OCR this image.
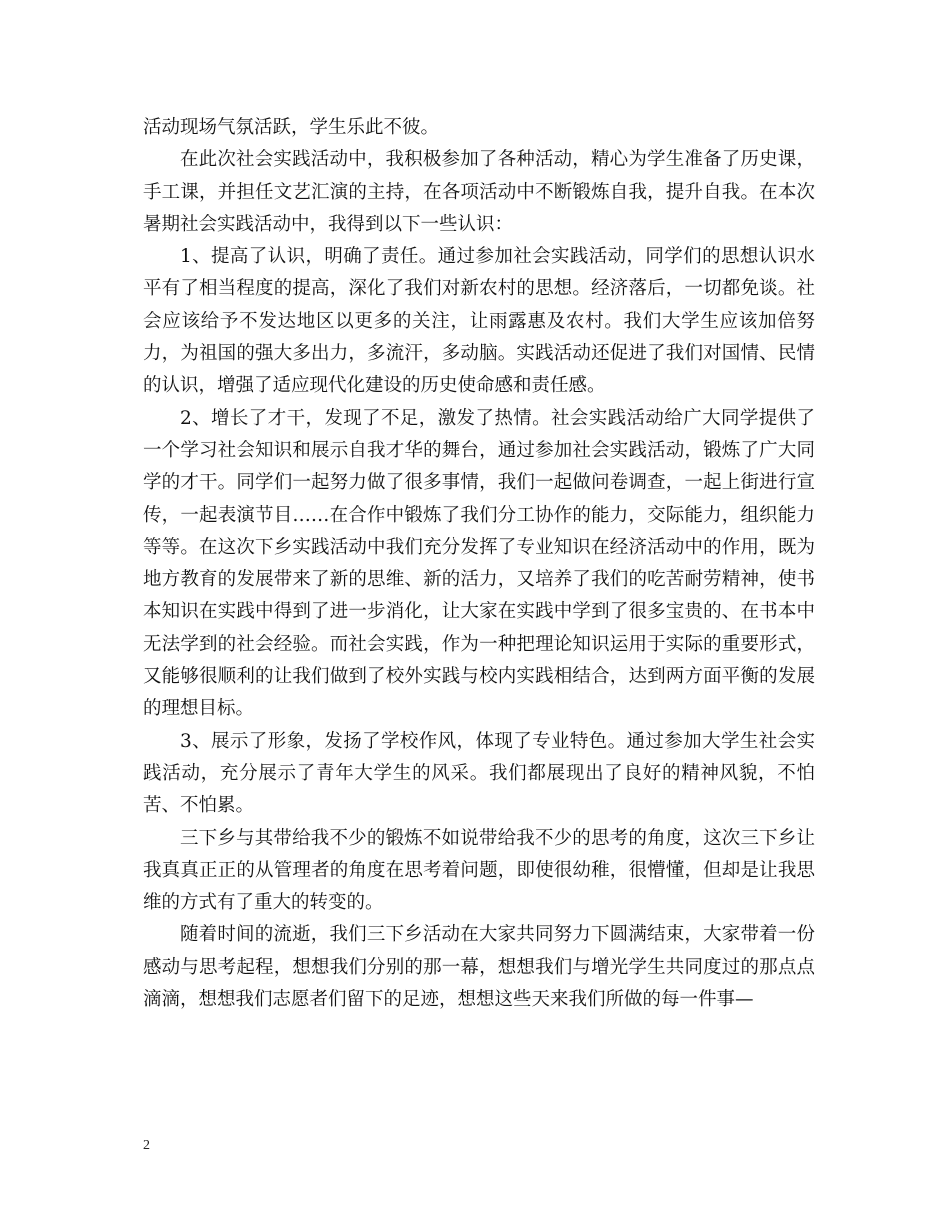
活动现场气氛活跃，学生乐此不彼。

在此次社会实践活动中，我积极参加了各种活动，精心为学生准备了历史课，手工课，并担任文艺汇演的主持，在各项活动中不断锻炼自我，提升自我。在本次暑期社会实践活动中，我得到以下一些认识：

1、提高了认识，明确了责任。通过参加社会实践活动，同学们的思想认识水平有了相当程度的提高，深化了我们对新农村的思想。经济落后，一切都免谈。社会应该给予不发达地区以更多的关注，让雨露惠及农村。我们大学生应该加倍努力，为祖国的强大多出力，多流汗，多动脑。实践活动还促进了我们对国情、民情的认识，增强了适应现代化建设的历史使命感和责任感。

2、增长了才干，发现了不足，激发了热情。社会实践活动给广大同学提供了一个学习社会知识和展示自我才华的舞台，通过参加社会实践活动，锻炼了广大同学的才干。同学们一起努力做了很多事情，我们一起做问卷调查，一起上街进行宣传，一起表演节目……在合作中锻炼了我们分工协作的能力，交际能力，组织能力等等。在这次下乡实践活动中我们充分发挥了专业知识在经济活动中的作用，既为地方教育的发展带来了新的思维、新的活力，又培养了我们的吃苦耐劳精神，使书本知识在实践中得到了进一步消化，让大家在实践中学到了很多宝贵的、在书本中无法学到的社会经验。而社会实践，作为一种把理论知识运用于实际的重要形式，又能够很顺利的让我们做到了校外实践与校内实践相结合，达到两方面平衡的发展的理想目标。

3、展示了形象，发扬了学校作风，体现了专业特色。通过参加大学生社会实践活动，充分展示了青年大学生的风采。我们都展现出了良好的精神风貌，不怕苦、不怕累。

三下乡与其带给我不少的锻炼不如说带给我不少的思考的角度，这次三下乡让我真真正正的从管理者的角度在思考着问题，即使很幼稚，很懵懂，但却是让我思维的方式有了重大的转变的。

随着时间的流逝，我们三下乡活动在大家共同努力下圆满结束，大家带着一份感动与思考起程，想想我们分别的那一幕，想想我们与增光学生共同度过的那点点滴滴，想想我们志愿者们留下的足迹，想想这些天来我们所做的每一件事—

2
